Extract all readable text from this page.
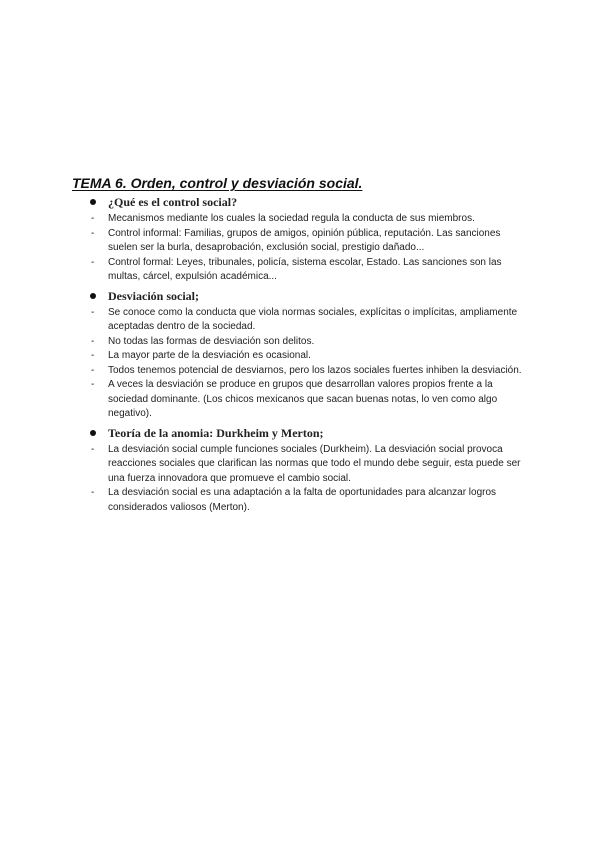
TEMA 6. Orden, control y desviación social.
¿Qué es el control social?
- Mecanismos mediante los cuales la sociedad regula la conducta de sus miembros.
- Control informal: Familias, grupos de amigos, opinión pública, reputación. Las sanciones suelen ser la burla, desaprobación, exclusión social, prestigio dañado...
- Control formal: Leyes, tribunales, policía, sistema escolar, Estado. Las sanciones son las multas, cárcel, expulsión académica...
Desviación social;
- Se conoce como la conducta que viola normas sociales, explícitas o implícitas, ampliamente aceptadas dentro de la sociedad.
- No todas las formas de desviación son delitos.
- La mayor parte de la desviación es ocasional.
- Todos tenemos potencial de desviarnos, pero los lazos sociales fuertes inhiben la desviación.
- A veces la desviación se produce en grupos que desarrollan valores propios frente a la sociedad dominante. (Los chicos mexicanos que sacan buenas notas, lo ven como algo negativo).
Teoría de la anomia: Durkheim y Merton;
- La desviación social cumple funciones sociales (Durkheim). La desviación social provoca reacciones sociales que clarifican las normas que todo el mundo debe seguir, esta puede ser una fuerza innovadora que promueve el cambio social.
- La desviación social es una adaptación a la falta de oportunidades para alcanzar logros considerados valiosos (Merton).
